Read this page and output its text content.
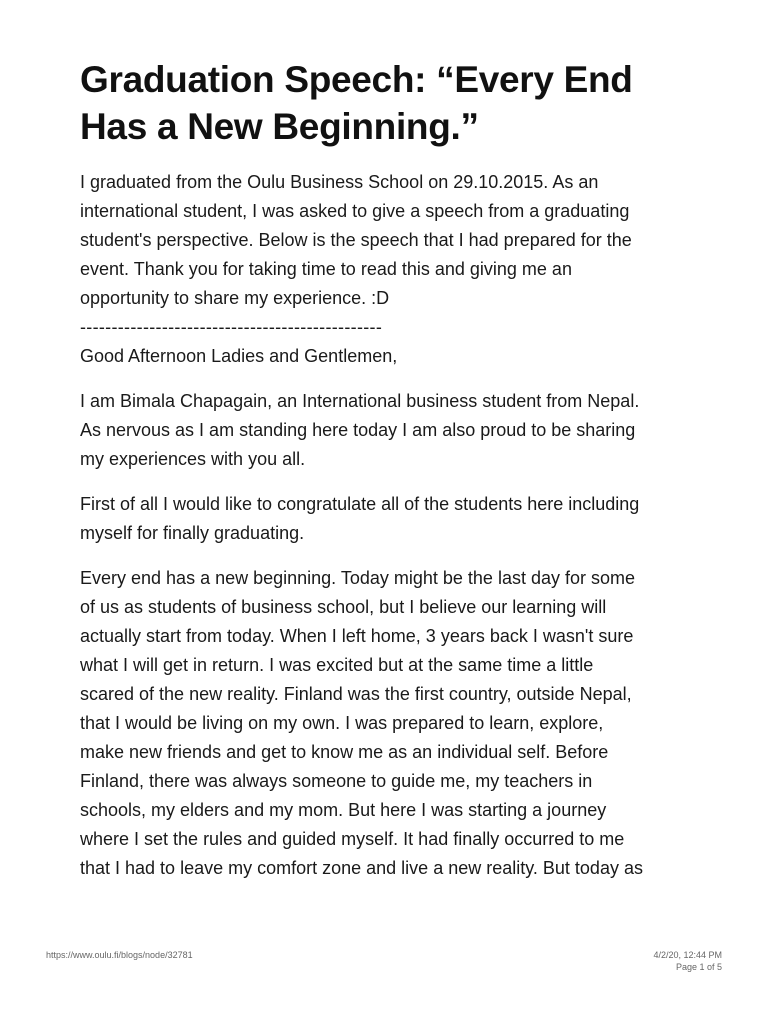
Graduation Speech: “Every End
Has a New Beginning.”
I graduated from the Oulu Business School on 29.10.2015. As an
international student, I was asked to give a speech from a graduating
student's perspective. Below is the speech that I had prepared for the
event. Thank you for taking time to read this and giving me an
opportunity to share my experience. :D
------------------------------------------------
Good Afternoon Ladies and Gentlemen,
I am Bimala Chapagain, an International business student from Nepal.
As nervous as I am standing here today I am also proud to be sharing
my experiences with you all.
First of all I would like to congratulate all of the students here including
myself for finally graduating.
Every end has a new beginning. Today might be the last day for some
of us as students of business school, but I believe our learning will
actually start from today. When I left home, 3 years back I wasn't sure
what I will get in return. I was excited but at the same time a little
scared of the new reality. Finland was the first country, outside Nepal,
that I would be living on my own. I was prepared to learn, explore,
make new friends and get to know me as an individual self. Before
Finland, there was always someone to guide me, my teachers in
schools, my elders and my mom. But here I was starting a journey
where I set the rules and guided myself. It had finally occurred to me
that I had to leave my comfort zone and live a new reality. But today as
https://www.oulu.fi/blogs/node/32781	4/2/20, 12:44 PM
Page 1 of 5
